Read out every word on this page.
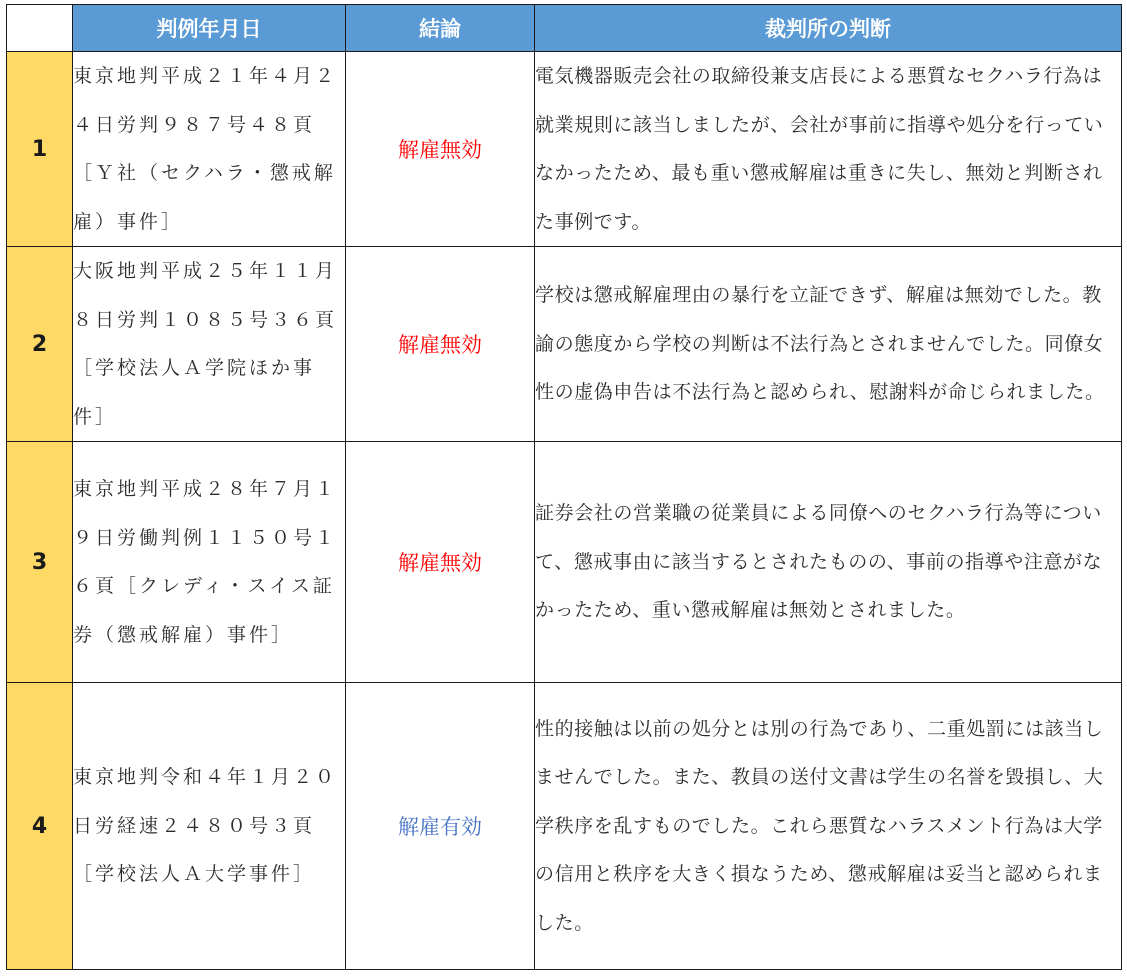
	判例年月日	結論	裁判所の判断
1	東京地判平成２１年４月２４日労判９８７号４８頁［Ｙ社（セクハラ・懲戒解雇）事件］	解雇無効	電気機器販売会社の取締役兼支店長による悪質なセクハラ行為は就業規則に該当しましたが、会社が事前に指導や処分を行っていなかったため、最も重い懲戒解雇は重きに失し、無効と判断された事例です。
2	大阪地判平成２５年１１月８日労判１０８５号３６頁［学校法人Ａ学院ほか事件］	解雇無効	学校は懲戒解雇理由の暴行を立証できず、解雇は無効でした。教諭の態度から学校の判断は不法行為とされませんでした。同僚女性の虚偽申告は不法行為と認められ、慰謝料が命じられました。
3	東京地判平成２８年７月１９日労働判例１１５０号１６頁［クレディ・スイス証券（懲戒解雇）事件］	解雇無効	証券会社の営業職の従業員による同僚へのセクハラ行為等について、懲戒事由に該当するとされたものの、事前の指導や注意がなかったため、重い懲戒解雇は無効とされました。
4	東京地判令和４年１月２０日労経速２４８０号３頁［学校法人Ａ大学事件］	解雇有効	性的接触は以前の処分とは別の行為であり、二重処罰には該当しませんでした。また、教員の送付文書は学生の名誉を毀損し、大学秩序を乱すものでした。これら悪質なハラスメント行為は大学の信用と秩序を大きく損なうため、懲戒解雇は妥当と認められました。
